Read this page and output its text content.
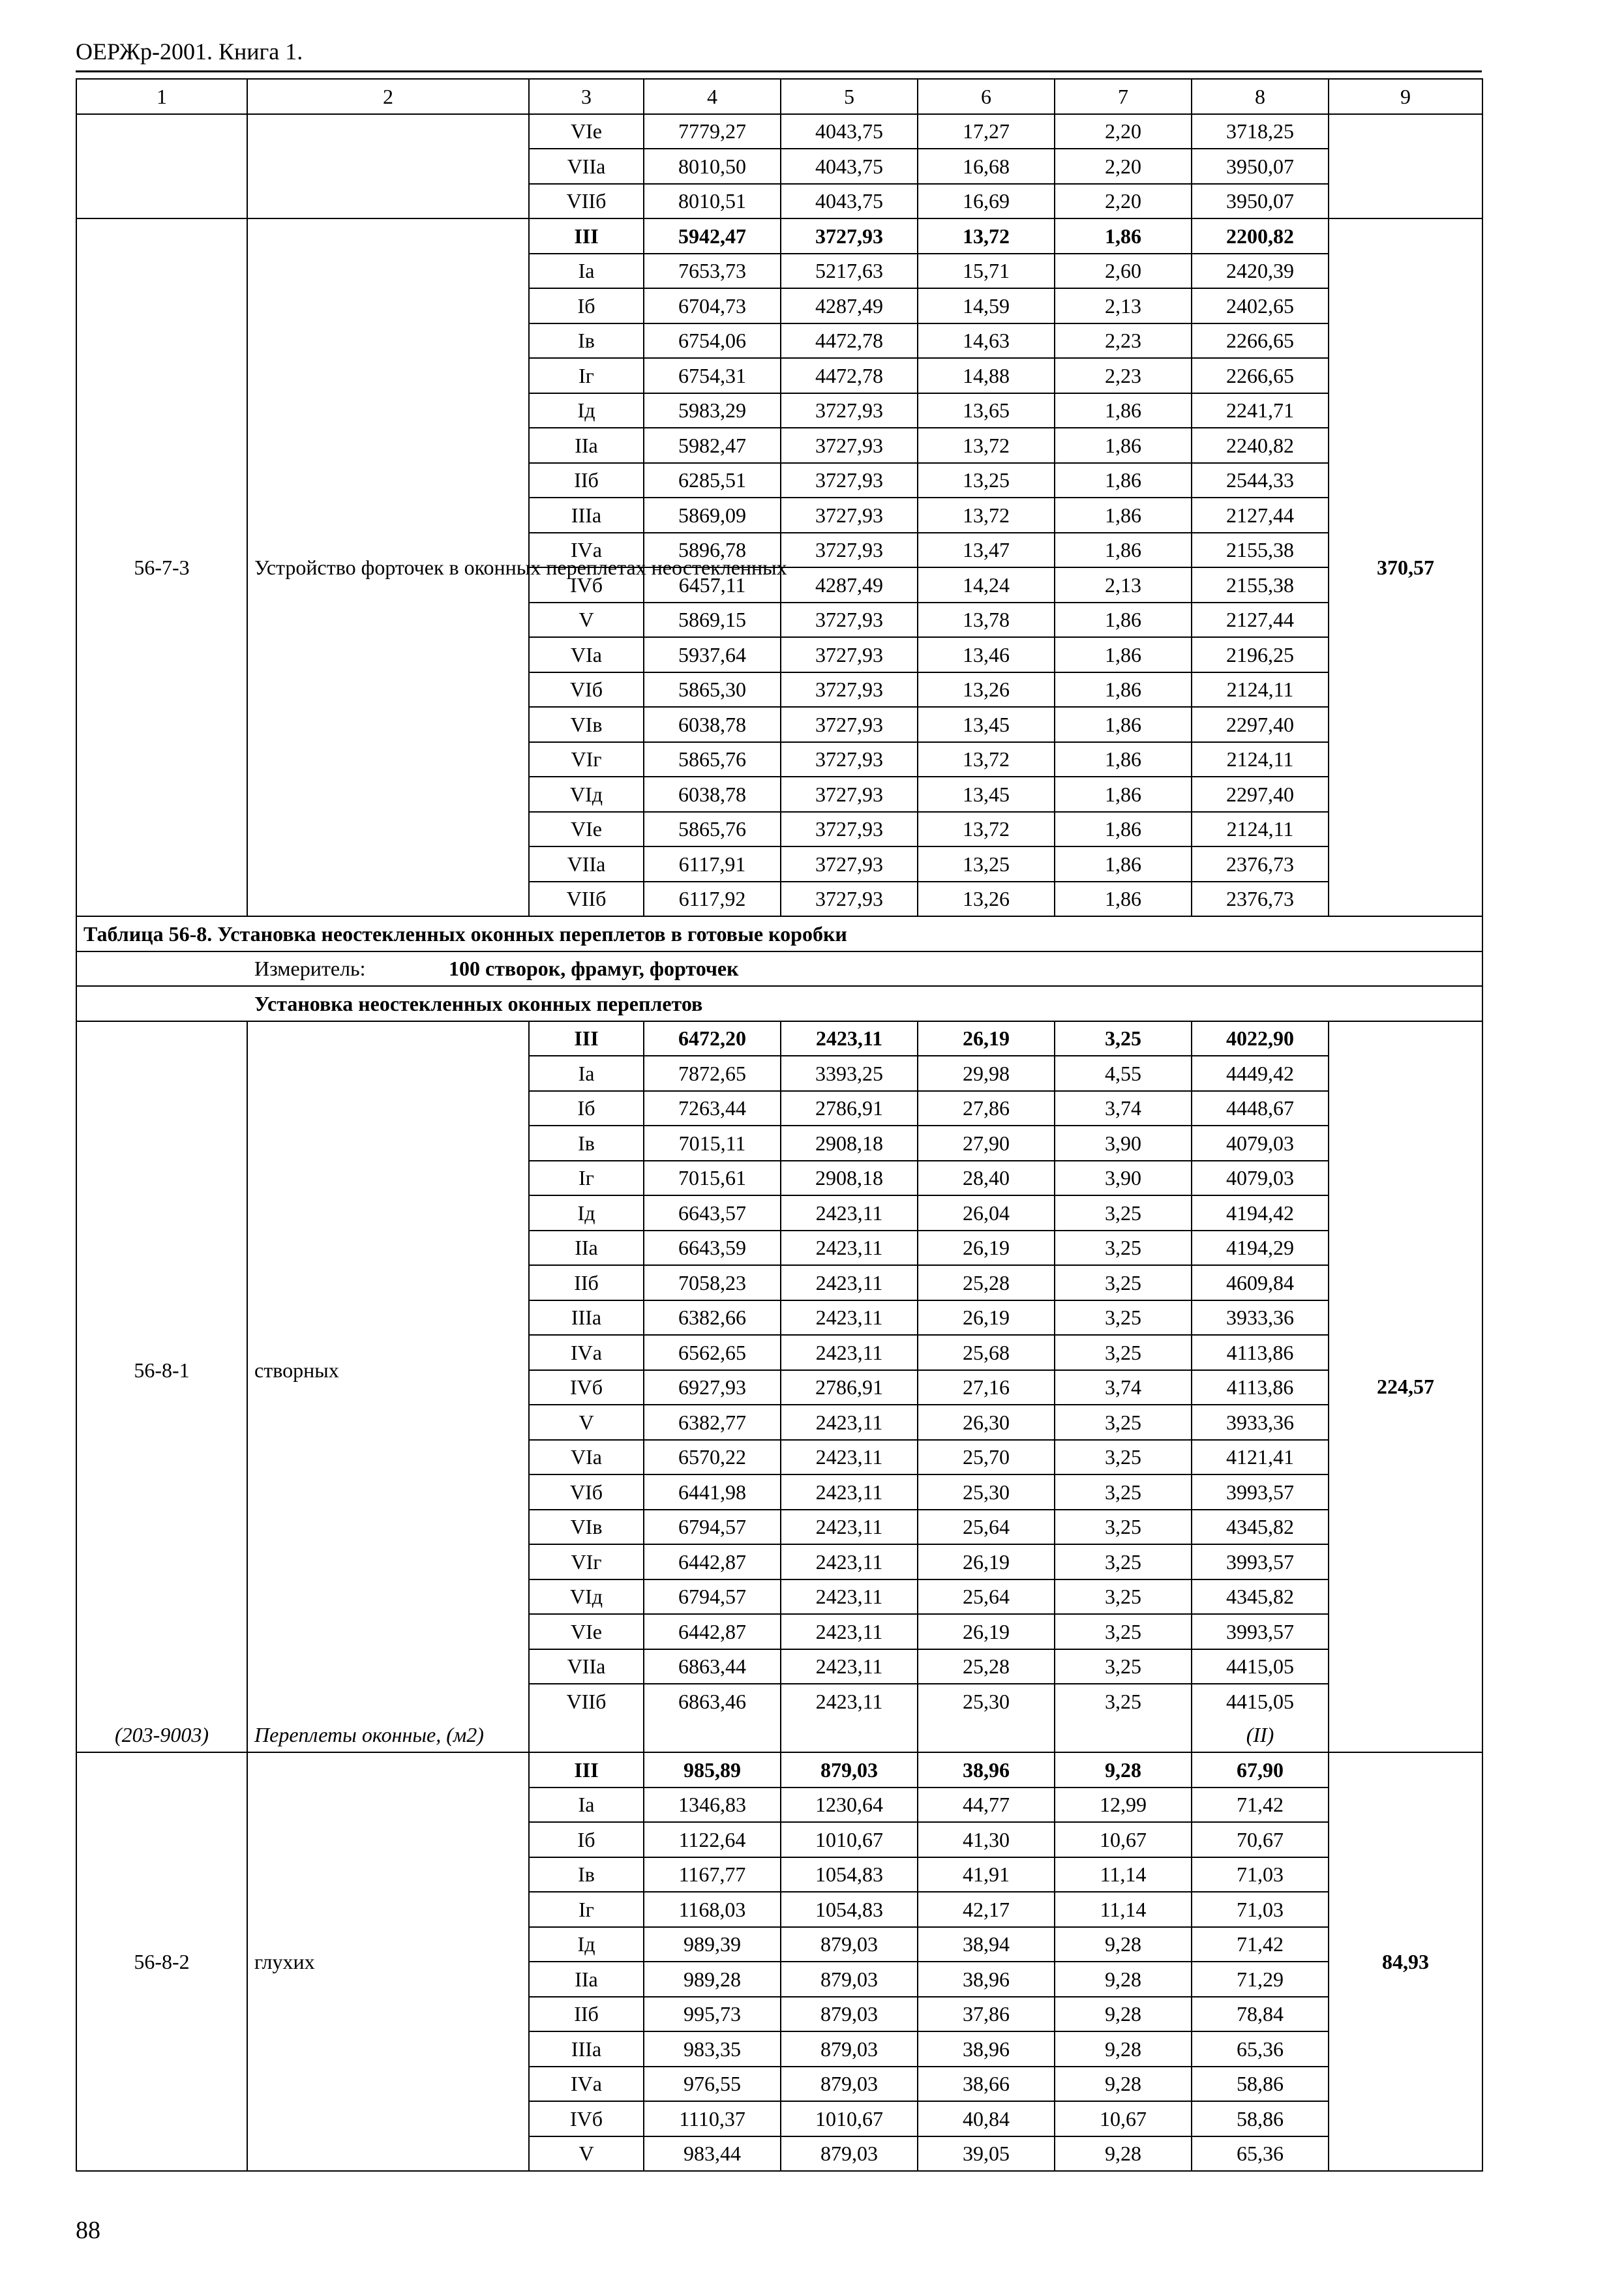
ОЕРЖр-2001. Книга 1.
1	2	3	4	5	6	7	8	9
		VIе	7779,27	4043,75	17,27	2,20	3718,25	
		VIIа	8010,50	4043,75	16,68	2,20	3950,07	
		VIIб	8010,51	4043,75	16,69	2,20	3950,07	
56-7-3	Устройство форточек в оконных переплетах неостекленных	III	5942,47	3727,93	13,72	1,86	2200,82	370,57
		Iа	7653,73	5217,63	15,71	2,60	2420,39	
		Iб	6704,73	4287,49	14,59	2,13	2402,65	
		Iв	6754,06	4472,78	14,63	2,23	2266,65	
		Iг	6754,31	4472,78	14,88	2,23	2266,65	
		Iд	5983,29	3727,93	13,65	1,86	2241,71	
		IIа	5982,47	3727,93	13,72	1,86	2240,82	
		IIб	6285,51	3727,93	13,25	1,86	2544,33	
		IIIа	5869,09	3727,93	13,72	1,86	2127,44	
		IVа	5896,78	3727,93	13,47	1,86	2155,38	
		IVб	6457,11	4287,49	14,24	2,13	2155,38	
		V	5869,15	3727,93	13,78	1,86	2127,44	
		VIа	5937,64	3727,93	13,46	1,86	2196,25	
		VIб	5865,30	3727,93	13,26	1,86	2124,11	
		VIв	6038,78	3727,93	13,45	1,86	2297,40	
		VIг	5865,76	3727,93	13,72	1,86	2124,11	
		VIд	6038,78	3727,93	13,45	1,86	2297,40	
		VIе	5865,76	3727,93	13,72	1,86	2124,11	
		VIIа	6117,91	3727,93	13,25	1,86	2376,73	
		VIIб	6117,92	3727,93	13,26	1,86	2376,73	
Таблица 56-8. Установка неостекленных оконных переплетов в готовые коробки								
Измеритель: 100 створок, фрамуг, форточек								
Установка неостекленных оконных переплетов								
56-8-1	створных	III	6472,20	2423,11	26,19	3,25	4022,90	224,57
		Iа	7872,65	3393,25	29,98	4,55	4449,42	
		Iб	7263,44	2786,91	27,86	3,74	4448,67	
		Iв	7015,11	2908,18	27,90	3,90	4079,03	
		Iг	7015,61	2908,18	28,40	3,90	4079,03	
		Iд	6643,57	2423,11	26,04	3,25	4194,42	
		IIа	6643,59	2423,11	26,19	3,25	4194,29	
		IIб	7058,23	2423,11	25,28	3,25	4609,84	
		IIIа	6382,66	2423,11	26,19	3,25	3933,36	
		IVа	6562,65	2423,11	25,68	3,25	4113,86	
		IVб	6927,93	2786,91	27,16	3,74	4113,86	
		V	6382,77	2423,11	26,30	3,25	3933,36	
		VIа	6570,22	2423,11	25,70	3,25	4121,41	
		VIб	6441,98	2423,11	25,30	3,25	3993,57	
		VIв	6794,57	2423,11	25,64	3,25	4345,82	
		VIг	6442,87	2423,11	26,19	3,25	3993,57	
		VIд	6794,57	2423,11	25,64	3,25	4345,82	
		VIе	6442,87	2423,11	26,19	3,25	3993,57	
		VIIа	6863,44	2423,11	25,28	3,25	4415,05	
		VIIб	6863,46	2423,11	25,30	3,25	4415,05	
(203-9003)	Переплеты оконные, (м2)						(II)	
56-8-2	глухих	III	985,89	879,03	38,96	9,28	67,90	84,93
		Iа	1346,83	1230,64	44,77	12,99	71,42	
		Iб	1122,64	1010,67	41,30	10,67	70,67	
		Iв	1167,77	1054,83	41,91	11,14	71,03	
		Iг	1168,03	1054,83	42,17	11,14	71,03	
		Iд	989,39	879,03	38,94	9,28	71,42	
		IIа	989,28	879,03	38,96	9,28	71,29	
		IIб	995,73	879,03	37,86	9,28	78,84	
		IIIа	983,35	879,03	38,96	9,28	65,36	
		IVа	976,55	879,03	38,66	9,28	58,86	
		IVб	1110,37	1010,67	40,84	10,67	58,86	
		V	983,44	879,03	39,05	9,28	65,36	
88
